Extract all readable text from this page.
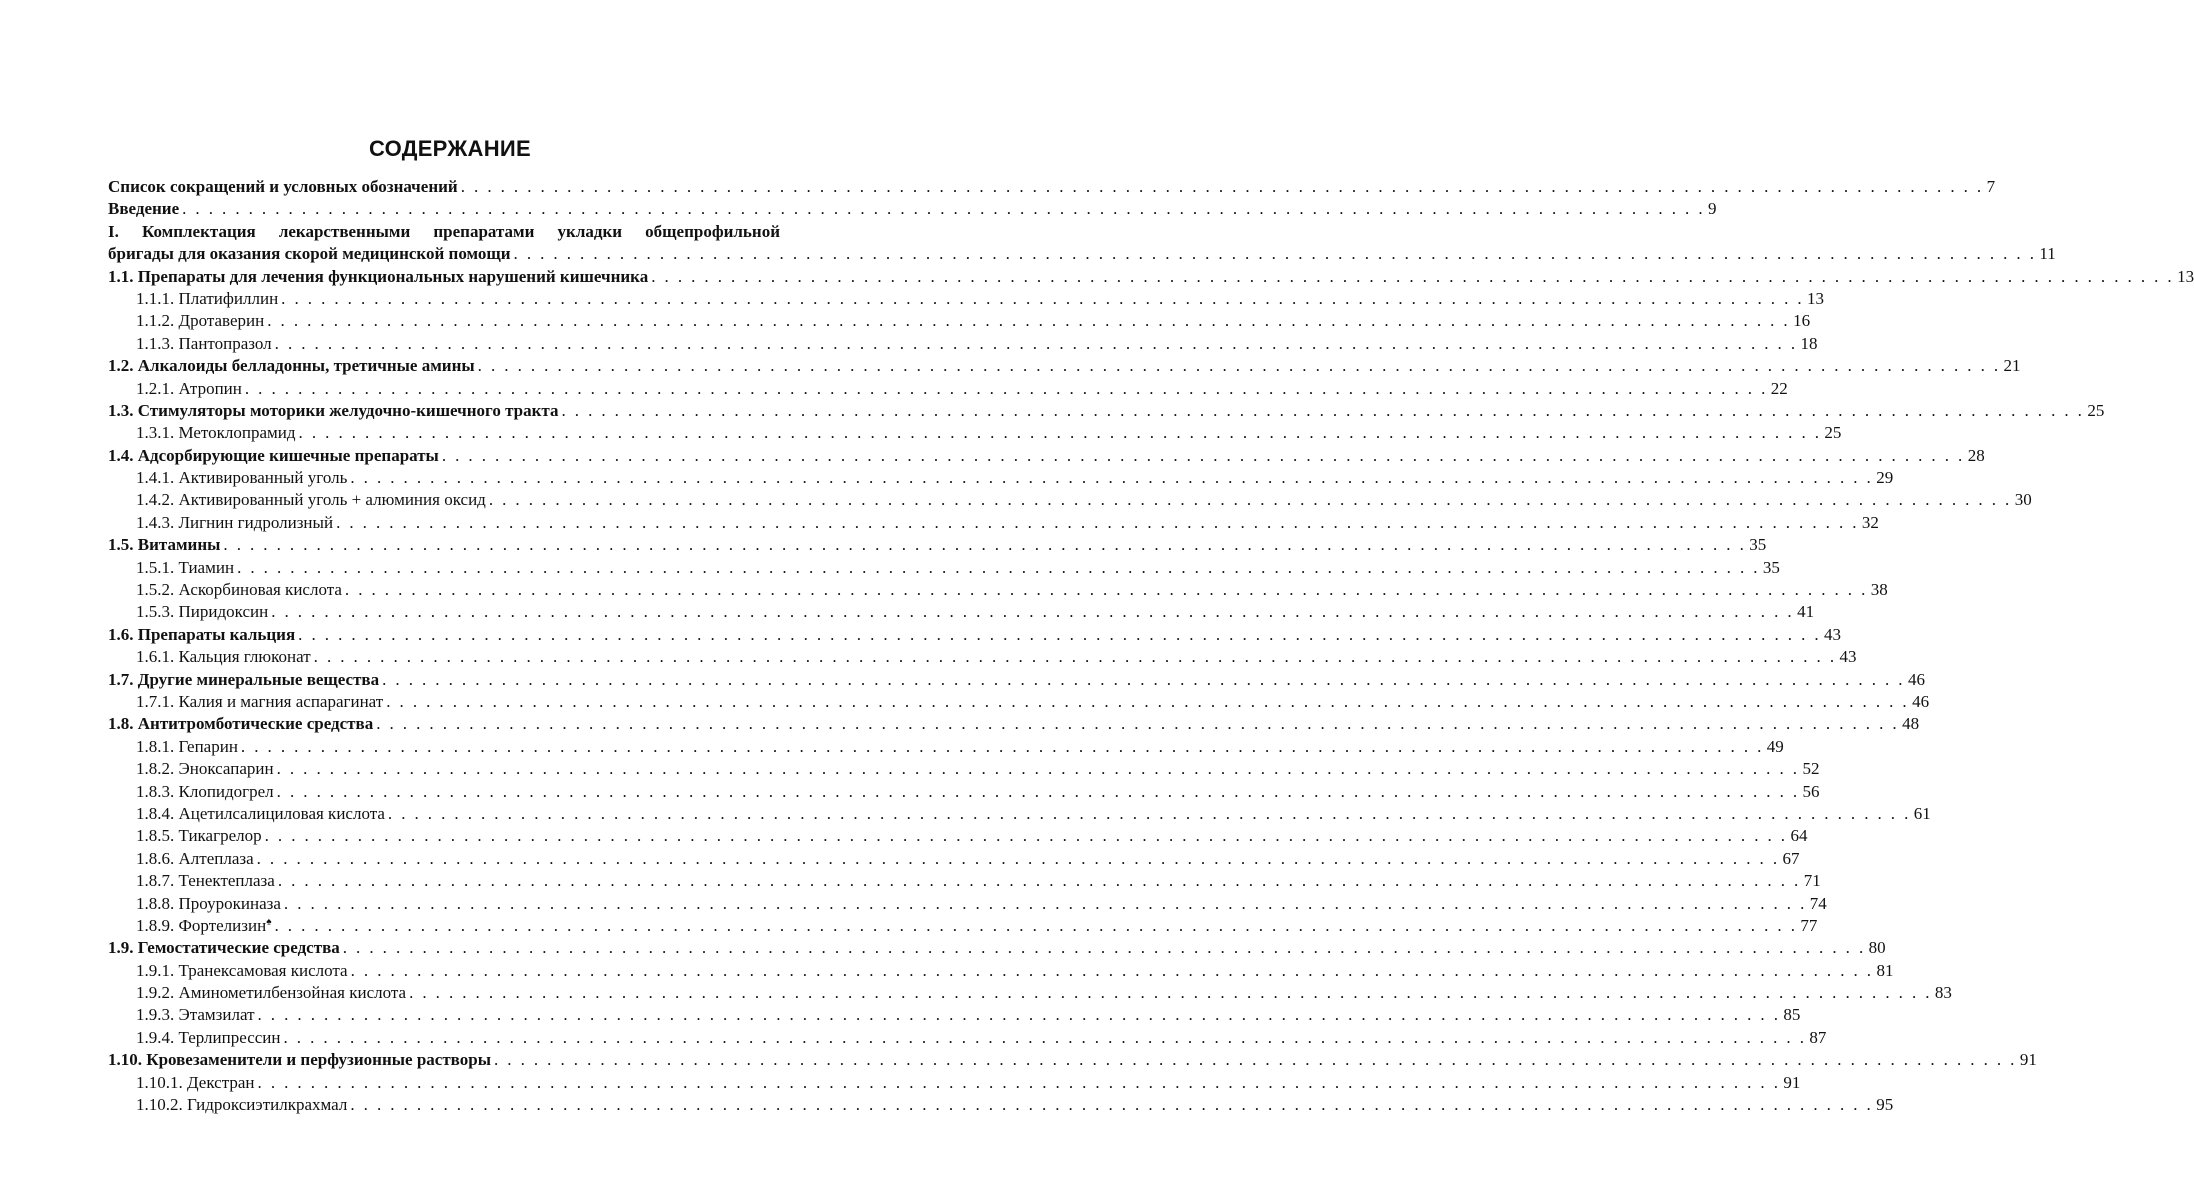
СОДЕРЖАНИЕ
Список сокращений и условных обозначений . . . . . . . . . . . . . . . . . . . . . . . . . . . . . . . . . . . . . . . . . . . . . . . . . . . . . . . . . . . . . . . . . . . . . . . . . . . . . . . . . . . . . . . . . . . . . . . . . . . . . . . . . . . . . . . . . . . 7
Введение . . . . . . . . . . . . . . . . . . . . . . . . . . . . . . . . . . . . . . . . . . . . . . . . . . . . . . . . . . . . . . . . . . . . . . . . . . . . . . . . . . . . . . . . . . . . . . . . . . . . . . . . . . . . . . . . . . . 9
I. Комплектация лекарственными препаратами укладки общепрофильной
бригады для оказания скорой медицинской помощи . . . . . . . . . . . . . . . . . . . . . . . . . . . . . . . . . . . . . . . . . . . . . . . . . . . . . . . . . . . . . . . . . . . . . . . . . . . . . . . . . . . . . . . . . . . . . . . . . . . . . . . . . . . . . . . . . . . 11
1.1. Препараты для лечения функциональных нарушений кишечника . . . . . . . . . . . . . . . . . . . . . . . . . . . . . . . . . . . . . . . . . . . . . . . . . . . . . . . . . . . . . . . . . . . . . . . . . . . . . . . . . . . . . . . . . . . . . . . . . . . . . . . . . . . . . . . . . . . 13
1.1.1. Платифиллин . . . . . . . . . . . . . . . . . . . . . . . . . . . . . . . . . . . . . . . . . . . . . . . . . . . . . . . . . . . . . . . . . . . . . . . . . . . . . . . . . . . . . . . . . . . . . . . . . . . . . . . . . . . . . . . . . . . 13
1.1.2. Дротаверин . . . . . . . . . . . . . . . . . . . . . . . . . . . . . . . . . . . . . . . . . . . . . . . . . . . . . . . . . . . . . . . . . . . . . . . . . . . . . . . . . . . . . . . . . . . . . . . . . . . . . . . . . . . . . . . . . . . 16
1.1.3. Пантопразол . . . . . . . . . . . . . . . . . . . . . . . . . . . . . . . . . . . . . . . . . . . . . . . . . . . . . . . . . . . . . . . . . . . . . . . . . . . . . . . . . . . . . . . . . . . . . . . . . . . . . . . . . . . . . . . . . . . 18
1.2. Алкалоиды белладонны, третичные амины . . . . . . . . . . . . . . . . . . . . . . . . . . . . . . . . . . . . . . . . . . . . . . . . . . . . . . . . . . . . . . . . . . . . . . . . . . . . . . . . . . . . . . . . . . . . . . . . . . . . . . . . . . . . . . . . . . . 21
1.2.1. Атропин . . . . . . . . . . . . . . . . . . . . . . . . . . . . . . . . . . . . . . . . . . . . . . . . . . . . . . . . . . . . . . . . . . . . . . . . . . . . . . . . . . . . . . . . . . . . . . . . . . . . . . . . . . . . . . . . . . . 22
1.3. Стимуляторы моторики желудочно-кишечного тракта . . . . . . . . . . . . . . . . . . . . . . . . . . . . . . . . . . . . . . . . . . . . . . . . . . . . . . . . . . . . . . . . . . . . . . . . . . . . . . . . . . . . . . . . . . . . . . . . . . . . . . . . . . . . . . . . . . . 25
1.3.1. Метоклопрамид . . . . . . . . . . . . . . . . . . . . . . . . . . . . . . . . . . . . . . . . . . . . . . . . . . . . . . . . . . . . . . . . . . . . . . . . . . . . . . . . . . . . . . . . . . . . . . . . . . . . . . . . . . . . . . . . . . . 25
1.4. Адсорбирующие кишечные препараты . . . . . . . . . . . . . . . . . . . . . . . . . . . . . . . . . . . . . . . . . . . . . . . . . . . . . . . . . . . . . . . . . . . . . . . . . . . . . . . . . . . . . . . . . . . . . . . . . . . . . . . . . . . . . . . . . . . 28
1.4.1. Активированный уголь . . . . . . . . . . . . . . . . . . . . . . . . . . . . . . . . . . . . . . . . . . . . . . . . . . . . . . . . . . . . . . . . . . . . . . . . . . . . . . . . . . . . . . . . . . . . . . . . . . . . . . . . . . . . . . . . . . . 29
1.4.2. Активированный уголь + алюминия оксид . . . . . . . . . . . . . . . . . . . . . . . . . . . . . . . . . . . . . . . . . . . . . . . . . . . . . . . . . . . . . . . . . . . . . . . . . . . . . . . . . . . . . . . . . . . . . . . . . . . . . . . . . . . . . . . . . . . 30
1.4.3. Лигнин гидролизный . . . . . . . . . . . . . . . . . . . . . . . . . . . . . . . . . . . . . . . . . . . . . . . . . . . . . . . . . . . . . . . . . . . . . . . . . . . . . . . . . . . . . . . . . . . . . . . . . . . . . . . . . . . . . . . . . . . 32
1.5. Витамины . . . . . . . . . . . . . . . . . . . . . . . . . . . . . . . . . . . . . . . . . . . . . . . . . . . . . . . . . . . . . . . . . . . . . . . . . . . . . . . . . . . . . . . . . . . . . . . . . . . . . . . . . . . . . . . . . . . 35
1.5.1. Тиамин . . . . . . . . . . . . . . . . . . . . . . . . . . . . . . . . . . . . . . . . . . . . . . . . . . . . . . . . . . . . . . . . . . . . . . . . . . . . . . . . . . . . . . . . . . . . . . . . . . . . . . . . . . . . . . . . . . . 35
1.5.2. Аскорбиновая кислота . . . . . . . . . . . . . . . . . . . . . . . . . . . . . . . . . . . . . . . . . . . . . . . . . . . . . . . . . . . . . . . . . . . . . . . . . . . . . . . . . . . . . . . . . . . . . . . . . . . . . . . . . . . . . . . . . . . 38
1.5.3. Пиридоксин . . . . . . . . . . . . . . . . . . . . . . . . . . . . . . . . . . . . . . . . . . . . . . . . . . . . . . . . . . . . . . . . . . . . . . . . . . . . . . . . . . . . . . . . . . . . . . . . . . . . . . . . . . . . . . . . . . . 41
1.6. Препараты кальция . . . . . . . . . . . . . . . . . . . . . . . . . . . . . . . . . . . . . . . . . . . . . . . . . . . . . . . . . . . . . . . . . . . . . . . . . . . . . . . . . . . . . . . . . . . . . . . . . . . . . . . . . . . . . . . . . . . 43
1.6.1. Кальция глюконат . . . . . . . . . . . . . . . . . . . . . . . . . . . . . . . . . . . . . . . . . . . . . . . . . . . . . . . . . . . . . . . . . . . . . . . . . . . . . . . . . . . . . . . . . . . . . . . . . . . . . . . . . . . . . . . . . . . 43
1.7. Другие минеральные вещества . . . . . . . . . . . . . . . . . . . . . . . . . . . . . . . . . . . . . . . . . . . . . . . . . . . . . . . . . . . . . . . . . . . . . . . . . . . . . . . . . . . . . . . . . . . . . . . . . . . . . . . . . . . . . . . . . . . 46
1.7.1. Калия и магния аспарагинат . . . . . . . . . . . . . . . . . . . . . . . . . . . . . . . . . . . . . . . . . . . . . . . . . . . . . . . . . . . . . . . . . . . . . . . . . . . . . . . . . . . . . . . . . . . . . . . . . . . . . . . . . . . . . . . . . . . 46
1.8. Антитромботические средства . . . . . . . . . . . . . . . . . . . . . . . . . . . . . . . . . . . . . . . . . . . . . . . . . . . . . . . . . . . . . . . . . . . . . . . . . . . . . . . . . . . . . . . . . . . . . . . . . . . . . . . . . . . . . . . . . . . 48
1.8.1. Гепарин . . . . . . . . . . . . . . . . . . . . . . . . . . . . . . . . . . . . . . . . . . . . . . . . . . . . . . . . . . . . . . . . . . . . . . . . . . . . . . . . . . . . . . . . . . . . . . . . . . . . . . . . . . . . . . . . . . . 49
1.8.2. Эноксапарин . . . . . . . . . . . . . . . . . . . . . . . . . . . . . . . . . . . . . . . . . . . . . . . . . . . . . . . . . . . . . . . . . . . . . . . . . . . . . . . . . . . . . . . . . . . . . . . . . . . . . . . . . . . . . . . . . . . 52
1.8.3. Клопидогрел . . . . . . . . . . . . . . . . . . . . . . . . . . . . . . . . . . . . . . . . . . . . . . . . . . . . . . . . . . . . . . . . . . . . . . . . . . . . . . . . . . . . . . . . . . . . . . . . . . . . . . . . . . . . . . . . . . . 56
1.8.4. Ацетилсалициловая кислота . . . . . . . . . . . . . . . . . . . . . . . . . . . . . . . . . . . . . . . . . . . . . . . . . . . . . . . . . . . . . . . . . . . . . . . . . . . . . . . . . . . . . . . . . . . . . . . . . . . . . . . . . . . . . . . . . . . 61
1.8.5. Тикагрелор . . . . . . . . . . . . . . . . . . . . . . . . . . . . . . . . . . . . . . . . . . . . . . . . . . . . . . . . . . . . . . . . . . . . . . . . . . . . . . . . . . . . . . . . . . . . . . . . . . . . . . . . . . . . . . . . . . . 64
1.8.6. Алтеплаза . . . . . . . . . . . . . . . . . . . . . . . . . . . . . . . . . . . . . . . . . . . . . . . . . . . . . . . . . . . . . . . . . . . . . . . . . . . . . . . . . . . . . . . . . . . . . . . . . . . . . . . . . . . . . . . . . . . 67
1.8.7. Тенектеплаза . . . . . . . . . . . . . . . . . . . . . . . . . . . . . . . . . . . . . . . . . . . . . . . . . . . . . . . . . . . . . . . . . . . . . . . . . . . . . . . . . . . . . . . . . . . . . . . . . . . . . . . . . . . . . . . . . . . 71
1.8.8. Проурокиназа . . . . . . . . . . . . . . . . . . . . . . . . . . . . . . . . . . . . . . . . . . . . . . . . . . . . . . . . . . . . . . . . . . . . . . . . . . . . . . . . . . . . . . . . . . . . . . . . . . . . . . . . . . . . . . . . . . . 74
1.8.9. Фортелизин♠ . . . . . . . . . . . . . . . . . . . . . . . . . . . . . . . . . . . . . . . . . . . . . . . . . . . . . . . . . . . . . . . . . . . . . . . . . . . . . . . . . . . . . . . . . . . . . . . . . . . . . . . . . . . . . . . . . . . 77
1.9. Гемостатические средства . . . . . . . . . . . . . . . . . . . . . . . . . . . . . . . . . . . . . . . . . . . . . . . . . . . . . . . . . . . . . . . . . . . . . . . . . . . . . . . . . . . . . . . . . . . . . . . . . . . . . . . . . . . . . . . . . . . 80
1.9.1. Транексамовая кислота . . . . . . . . . . . . . . . . . . . . . . . . . . . . . . . . . . . . . . . . . . . . . . . . . . . . . . . . . . . . . . . . . . . . . . . . . . . . . . . . . . . . . . . . . . . . . . . . . . . . . . . . . . . . . . . . . . . 81
1.9.2. Аминометилбензойная кислота . . . . . . . . . . . . . . . . . . . . . . . . . . . . . . . . . . . . . . . . . . . . . . . . . . . . . . . . . . . . . . . . . . . . . . . . . . . . . . . . . . . . . . . . . . . . . . . . . . . . . . . . . . . . . . . . . . . 83
1.9.3. Этамзилат . . . . . . . . . . . . . . . . . . . . . . . . . . . . . . . . . . . . . . . . . . . . . . . . . . . . . . . . . . . . . . . . . . . . . . . . . . . . . . . . . . . . . . . . . . . . . . . . . . . . . . . . . . . . . . . . . . . 85
1.9.4. Терлипрессин . . . . . . . . . . . . . . . . . . . . . . . . . . . . . . . . . . . . . . . . . . . . . . . . . . . . . . . . . . . . . . . . . . . . . . . . . . . . . . . . . . . . . . . . . . . . . . . . . . . . . . . . . . . . . . . . . . . 87
1.10. Кровезаменители и перфузионные растворы . . . . . . . . . . . . . . . . . . . . . . . . . . . . . . . . . . . . . . . . . . . . . . . . . . . . . . . . . . . . . . . . . . . . . . . . . . . . . . . . . . . . . . . . . . . . . . . . . . . . . . . . . . . . . . . . . . . 91
1.10.1. Декстран . . . . . . . . . . . . . . . . . . . . . . . . . . . . . . . . . . . . . . . . . . . . . . . . . . . . . . . . . . . . . . . . . . . . . . . . . . . . . . . . . . . . . . . . . . . . . . . . . . . . . . . . . . . . . . . . . . . 91
1.10.2. Гидроксиэтилкрахмал . . . . . . . . . . . . . . . . . . . . . . . . . . . . . . . . . . . . . . . . . . . . . . . . . . . . . . . . . . . . . . . . . . . . . . . . . . . . . . . . . . . . . . . . . . . . . . . . . . . . . . . . . . . . . . . . . . . 95
